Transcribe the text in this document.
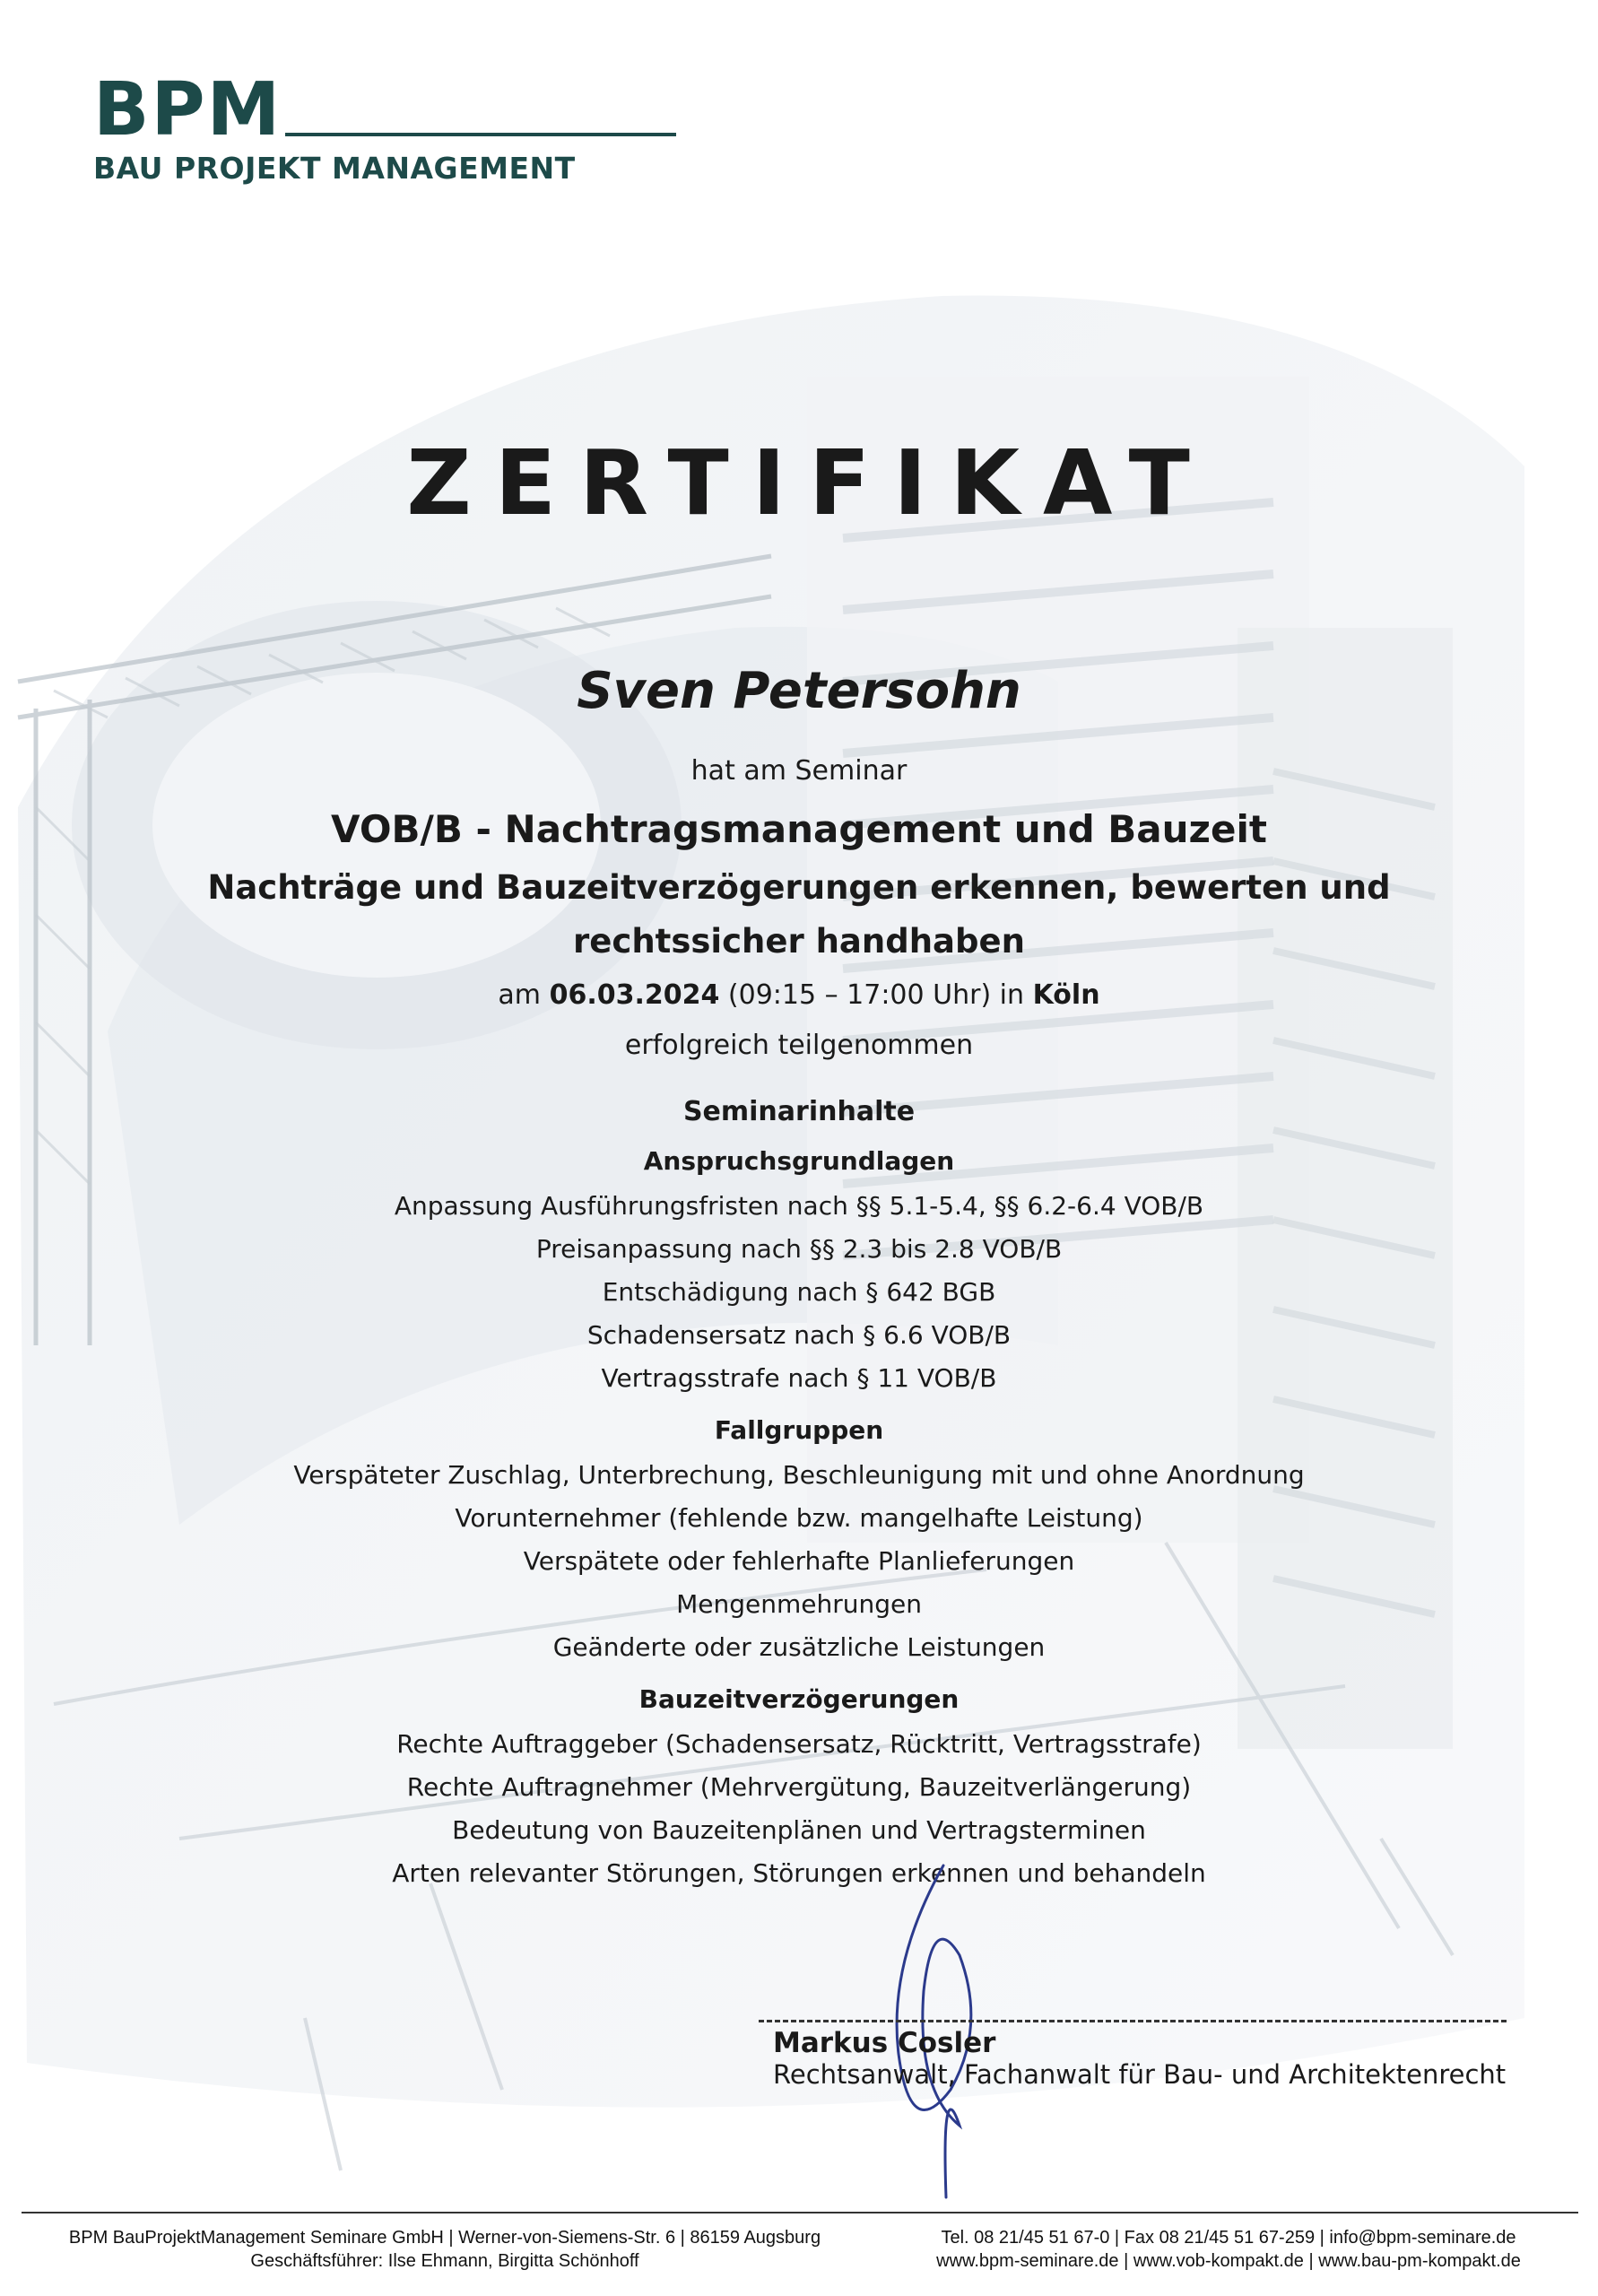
BPM
BAU PROJEKT MANAGEMENT
ZERTIFIKAT
Sven Petersohn
hat am Seminar
VOB/B - Nachtragsmanagement und Bauzeit
Nachträge und Bauzeitverzögerungen erkennen, bewerten und
rechtssicher handhaben
am 06.03.2024 (09:15 – 17:00 Uhr) in Köln
erfolgreich teilgenommen
Seminarinhalte
Anspruchsgrundlagen
Anpassung Ausführungsfristen nach §§ 5.1-5.4, §§ 6.2-6.4 VOB/B
Preisanpassung nach §§ 2.3 bis 2.8 VOB/B
Entschädigung nach § 642 BGB
Schadensersatz nach § 6.6 VOB/B
Vertragsstrafe nach § 11 VOB/B
Fallgruppen
Verspäteter Zuschlag, Unterbrechung, Beschleunigung mit und ohne Anordnung
Vorunternehmer (fehlende bzw. mangelhafte Leistung)
Verspätete oder fehlerhafte Planlieferungen
Mengenmehrungen
Geänderte oder zusätzliche Leistungen
Bauzeitverzögerungen
Rechte Auftraggeber (Schadensersatz, Rücktritt, Vertragsstrafe)
Rechte Auftragnehmer (Mehrvergütung, Bauzeitverlängerung)
Bedeutung von Bauzeitenplänen und Vertragsterminen
Arten relevanter Störungen, Störungen erkennen und behandeln
Markus Cosler
Rechtsanwalt, Fachanwalt für Bau- und Architektenrecht
BPM BauProjektManagement Seminare GmbH | Werner-von-Siemens-Str. 6 | 86159 Augsburg
Geschäftsführer: Ilse Ehmann, Birgitta Schönhoff
Tel. 08 21/45 51 67-0 | Fax 08 21/45 51 67-259 | info@bpm-seminare.de
www.bpm-seminare.de | www.vob-kompakt.de | www.bau-pm-kompakt.de
